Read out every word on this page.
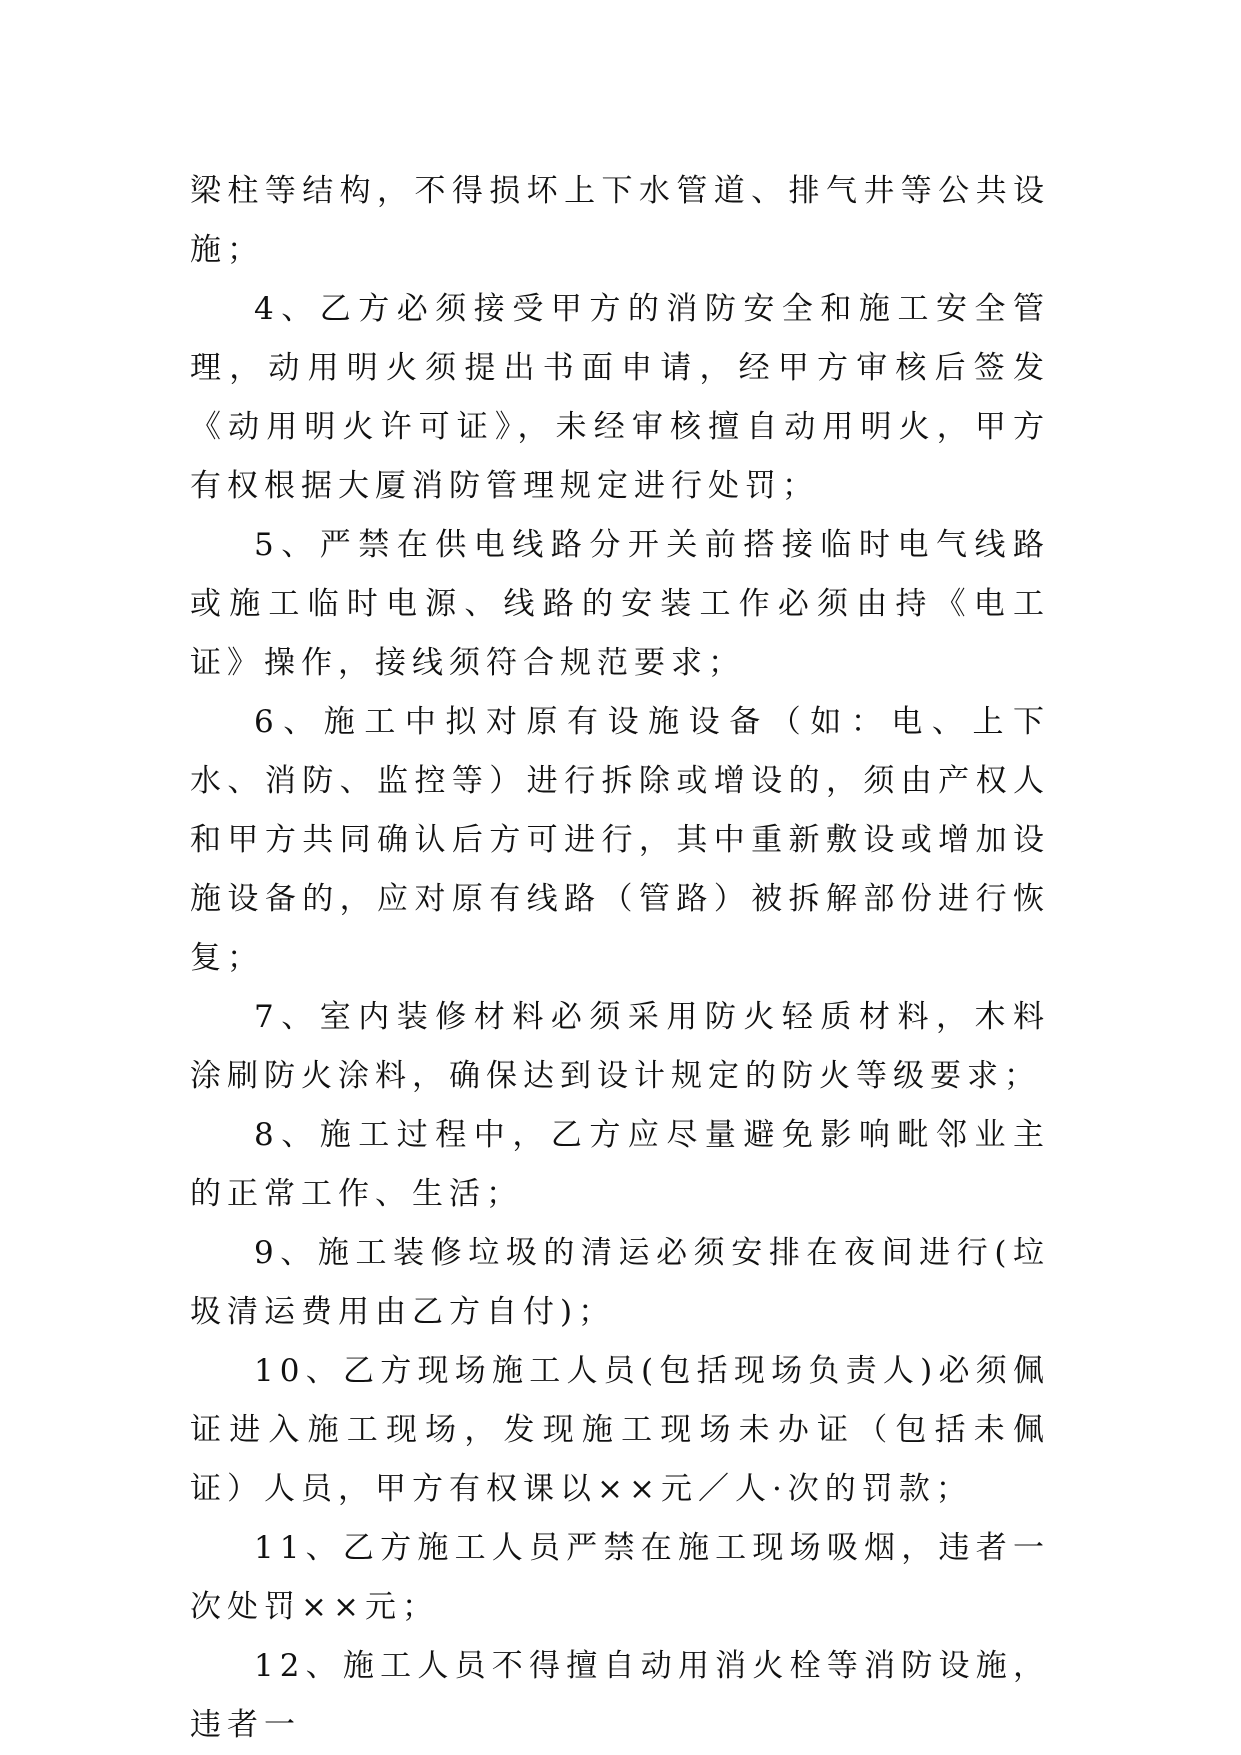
梁柱等结构，不得损坏上下水管道、排气井等公共设施；

4、乙方必须接受甲方的消防安全和施工安全管理，动用明火须提出书面申请，经甲方审核后签发《动用明火许可证》，未经审核擅自动用明火，甲方有权根据大厦消防管理规定进行处罚；

5、严禁在供电线路分开关前搭接临时电气线路或施工临时电源、线路的安装工作必须由持《电工证》操作，接线须符合规范要求；

6、施工中拟对原有设施设备（如：电、上下水、消防、监控等）进行拆除或增设的，须由产权人和甲方共同确认后方可进行，其中重新敷设或增加设施设备的，应对原有线路（管路）被拆解部份进行恢复；

7、室内装修材料必须采用防火轻质材料，木料涂刷防火涂料，确保达到设计规定的防火等级要求；

8、施工过程中，乙方应尽量避免影响毗邻业主的正常工作、生活；

9、施工装修垃圾的清运必须安排在夜间进行(垃圾清运费用由乙方自付)；

10、乙方现场施工人员(包括现场负责人)必须佩证进入施工现场，发现施工现场未办证（包括未佩证）人员，甲方有权课以××元／人·次的罚款；

11、乙方施工人员严禁在施工现场吸烟，违者一次处罚××元；

12、施工人员不得擅自动用消火栓等消防设施，违者一
